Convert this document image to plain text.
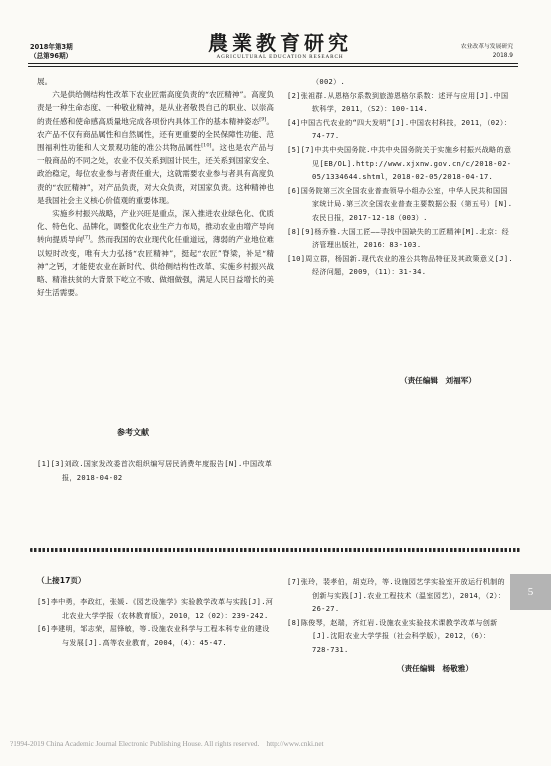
2018年第3期
（总第96期）
農業教育研究
AGRICULTURAL EDUCATION RESEARCH
农业改革与发展研究
2018.9

展。

六是供给侧结构性改革下农业匠需高度负责的“农匠精神”。高度负责是一种生命态度、一种敬业精神，是从业者敬畏自己的职业、以崇高的责任感和使命感高质量地完成各项份内具体工作的基本精神姿态[9]。农产品不仅有商品属性和自然属性，还有更重要的全民保障性功能、范围福利性功能和人文景观功能的准公共物品属性[10]。这也是农产品与一般商品的不同之处，农业不仅关系到国计民生，还关系到国家安全、政治稳定，每位农业参与者责任重大，这就需要农业参与者具有高度负责的“农匠精神”，对产品负责，对大众负责，对国家负责。这种精神也是我国社会主义核心价值观的重要体现。

实施乡村振兴战略，产业兴旺是重点，深入推进农业绿色化、优质化、特色化、品牌化，调整优化农业生产力布局，推动农业由增产导向转向提质导向[7]。然而我国的农业现代化任重道远，薄弱的产业地位难以短时改变，唯有大力弘扬“农匠精神”，挺起“农匠”脊梁，补足“精神”之钙，才能使农业在新时代、供给侧结构性改革、实施乡村振兴战略、精准扶贫的大背景下屹立不败、做细做强，满足人民日益增长的美好生活需要。

参考文献
[1][3]刘政.国家发改委首次组织编写居民消费年度报告[N].中国改革报，2018-04-02
（002）.
[2]张祖群.从恩格尔系数到旅游恩格尔系数：述评与应用[J].中国软科学，2011，（S2）：100-114.
[4]中国古代农业的“四大发明”[J].中国农村科技，2011，（02）：74-77.
[5][7]中共中央国务院.中共中央国务院关于实施乡村振兴战略的意见[EB/OL].http://www.xjxnw.gov.cn/c/2018-02-05/1334644.shtml，2018-02-05/2018-04-17.
[6]国务院第三次全国农业普查领导小组办公室，中华人民共和国国家统计局.第三次全国农业普查主要数据公报（第五号）[N].农民日报，2017-12-18（003）.
[8][9]杨乔雅.大国工匠——寻找中国缺失的工匠精神[M].北京：经济管理出版社，2016：83-103.
[10]周立群，杨国新.现代农业的准公共物品特征及其政策意义[J].经济问题，2009，（11）：31-34.
（责任编辑　刘福军）
（上接17页）
[5]李中勇，李政红，张媛.《园艺设施学》实验教学改革与实践[J].河北农业大学学报（农林教育版），2010，12（02）：239-242.
[6]李建明，邹志荣，屈锋敏，等.设施农业科学与工程本科专业的建设与发展[J].高等农业教育，2004，（4）：45-47.
[7]张玲，裴孝伯，胡克玲，等.设施园艺学实验室开放运行机制的创新与实践[J].农业工程技术（温室园艺），2014，（2）：26-27.
[8]陈俊琴，赵瑞，齐红岩.设施农业实验技术课教学改革与创新[J].沈阳农业大学学报（社会科学版），2012，（6）：728-731.
（责任编辑　杨敬雅）
5
?1994-2019 China Academic Journal Electronic Publishing House. All rights reserved.　http://www.cnki.net
